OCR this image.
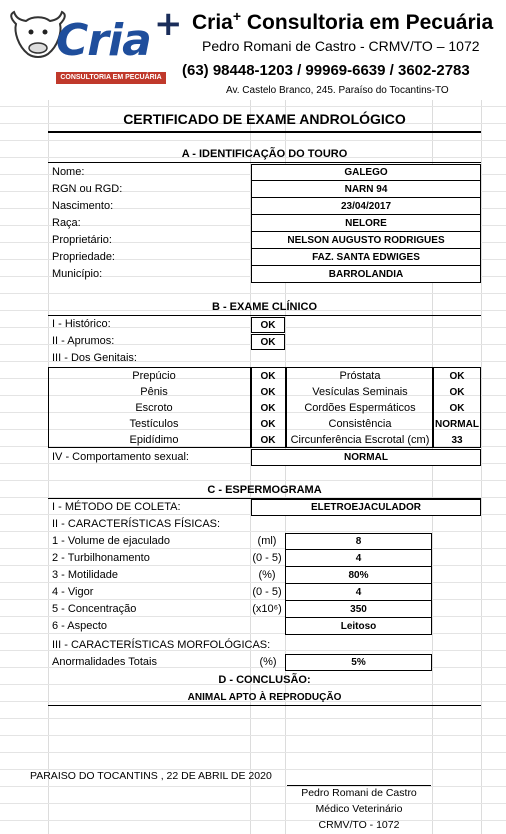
Cria +
CONSULTORIA EM PECUÁRIA
Cria+ Consultoria em Pecuária
Pedro Romani de Castro - CRMV/TO – 1072
(63) 98448-1203 / 99969-6639 / 3602-2783
Av. Castelo Branco, 245. Paraíso do Tocantins-TO
CERTIFICADO DE EXAME ANDROLÓGICO
A - IDENTIFICAÇÃO DO TOURO
Nome:	GALEGO
RGN ou RGD:	NARN 94
Nascimento:	23/04/2017
Raça:	NELORE
Proprietário:	NELSON AUGUSTO RODRIGUES
Propriedade:	FAZ. SANTA EDWIGES
Município:	BARROLANDIA
B - EXAME CLÍNICO
I - Histórico:	OK
II - Aprumos:	OK
III - Dos Genitais:
Prepúcio	OK	Próstata	OK
Pênis	OK	Vesículas Seminais	OK
Escroto	OK	Cordões Espermáticos	OK
Testículos	OK	Consistência	NORMAL
Epidídimo	OK	Circunferência Escrotal (cm)	33
IV - Comportamento sexual:	NORMAL
C - ESPERMOGRAMA
I - MÉTODO DE COLETA:	ELETROEJACULADOR
II - CARACTERÍSTICAS FÍSICAS:
1 - Volume de ejaculado	(ml)	8
2 - Turbilhonamento	(0 - 5)	4
3 - Motilidade	(%)	80%
4 - Vigor	(0 - 5)	4
5 - Concentração	(x10⁶)	350
6 - Aspecto	Leitoso
III - CARACTERÍSTICAS MORFOLÓGICAS:
Anormalidades Totais	(%)	5%
D - CONCLUSÃO:
ANIMAL APTO À REPRODUÇÃO
PARAISO DO TOCANTINS , 22 DE ABRIL DE 2020
Pedro Romani de Castro
Médico Veterinário
CRMV/TO - 1072
